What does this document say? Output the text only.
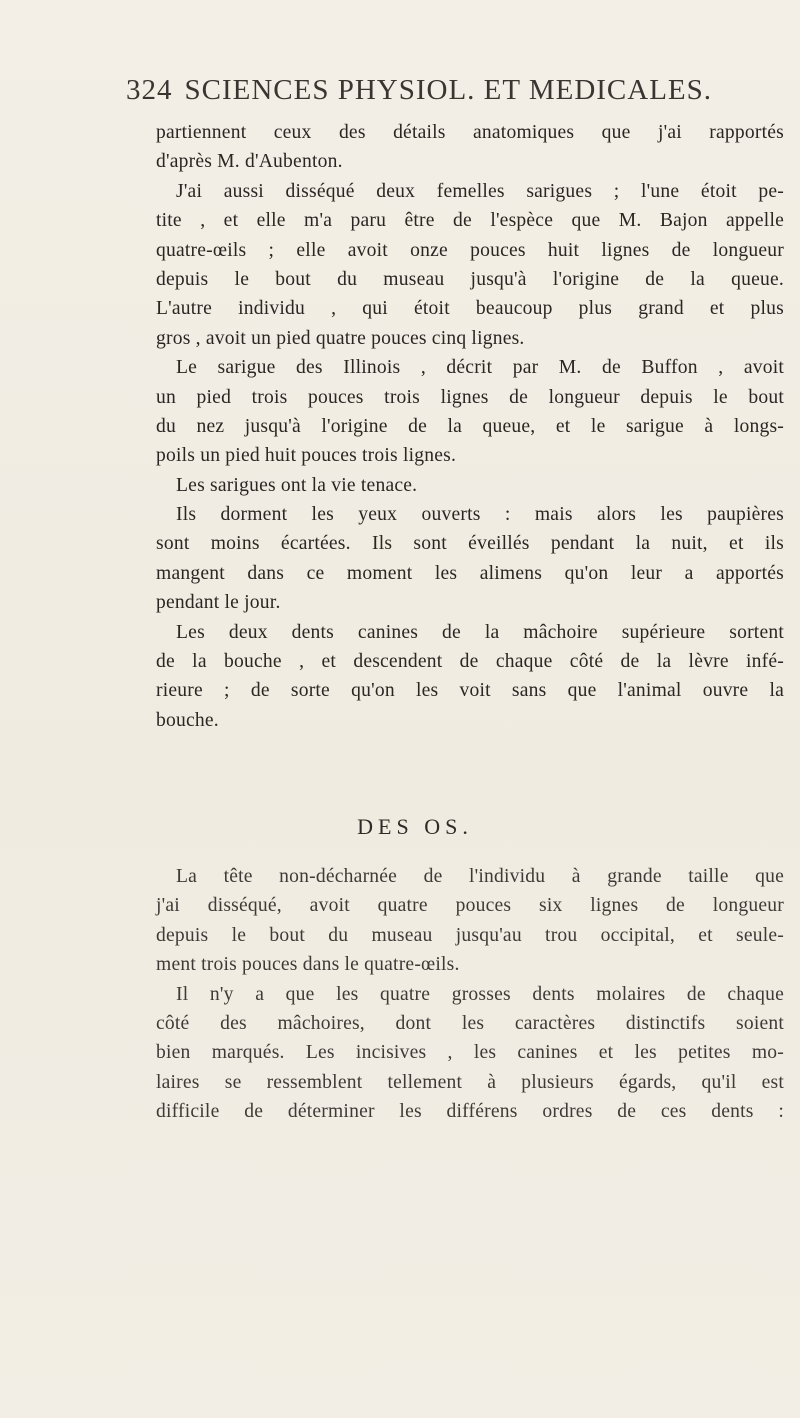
324 SCIENCES PHYSIOL. ET MEDICALES.
partiennent ceux des détails anatomiques que j'ai rapportés
d'après M. d'Aubenton.
J'ai aussi disséqué deux femelles sarigues ; l'une étoit pe-
tite , et elle m'a paru être de l'espèce que M. Bajon appelle
quatre-œils ; elle avoit onze pouces huit lignes de longueur
depuis le bout du museau jusqu'à l'origine de la queue.
L'autre individu , qui étoit beaucoup plus grand et plus
gros , avoit un pied quatre pouces cinq lignes.
Le sarigue des Illinois , décrit par M. de Buffon , avoit
un pied trois pouces trois lignes de longueur depuis le bout
du nez jusqu'à l'origine de la queue, et le sarigue à longs-
poils un pied huit pouces trois lignes.
Les sarigues ont la vie tenace.
Ils dorment les yeux ouverts : mais alors les paupières
sont moins écartées. Ils sont éveillés pendant la nuit, et ils
mangent dans ce moment les alimens qu'on leur a apportés
pendant le jour.
Les deux dents canines de la mâchoire supérieure sortent
de la bouche , et descendent de chaque côté de la lèvre infé-
rieure ; de sorte qu'on les voit sans que l'animal ouvre la
bouche.
DES OS.
La tête non-décharnée de l'individu à grande taille que
j'ai disséqué, avoit quatre pouces six lignes de longueur
depuis le bout du museau jusqu'au trou occipital, et seule-
ment trois pouces dans le quatre-œils.
Il n'y a que les quatre grosses dents molaires de chaque
côté des mâchoires, dont les caractères distinctifs soient
bien marqués. Les incisives , les canines et les petites mo-
laires se ressemblent tellement à plusieurs égards, qu'il est
difficile de déterminer les différens ordres de ces dents :
